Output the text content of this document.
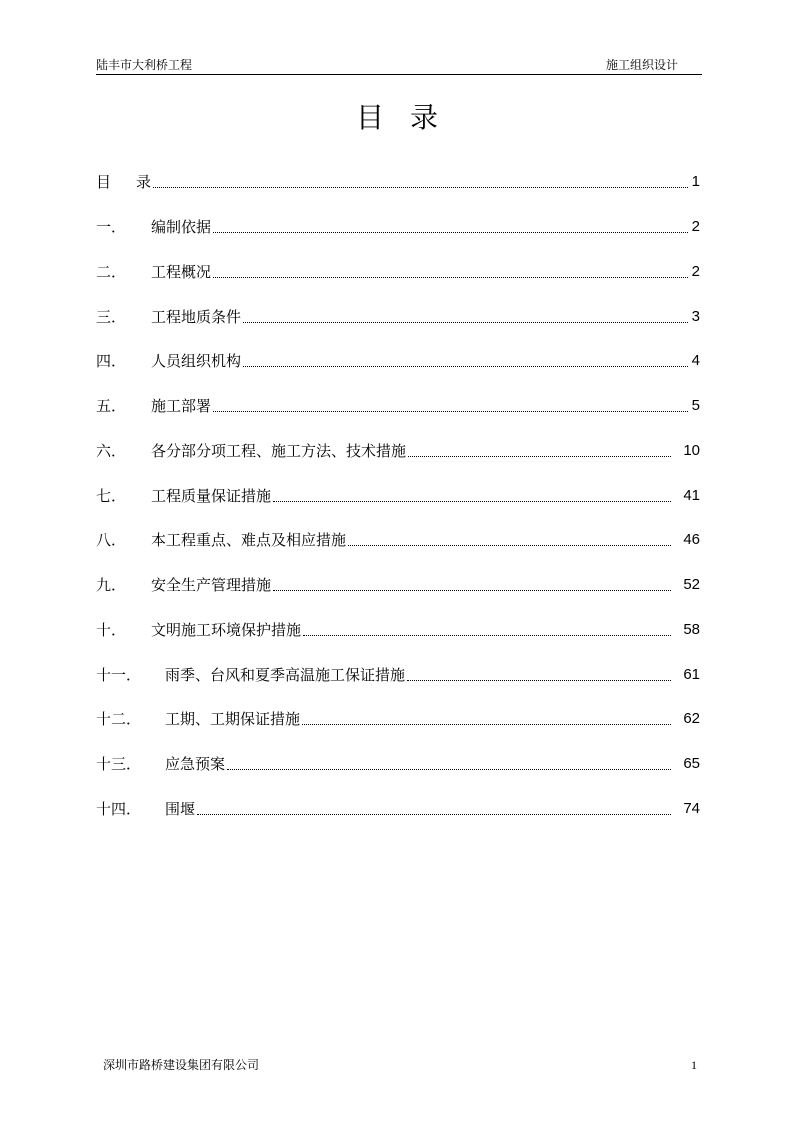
陆丰市大利桥工程	施工组织设计
目录
目	录	1
一．	编制依据	2
二．	工程概况	2
三．	工程地质条件	3
四．	人员组织机构	4
五．	施工部署	5
六．	各分部分项工程、施工方法、技术措施	10
七．	工程质量保证措施	41
八．	本工程重点、难点及相应措施	46
九．	安全生产管理措施	52
十．	文明施工环境保护措施	58
十一．	雨季、台风和夏季高温施工保证措施	61
十二．	工期、工期保证措施	62
十三．	应急预案	65
十四．	围堰	74
深圳市路桥建设集团有限公司	1
